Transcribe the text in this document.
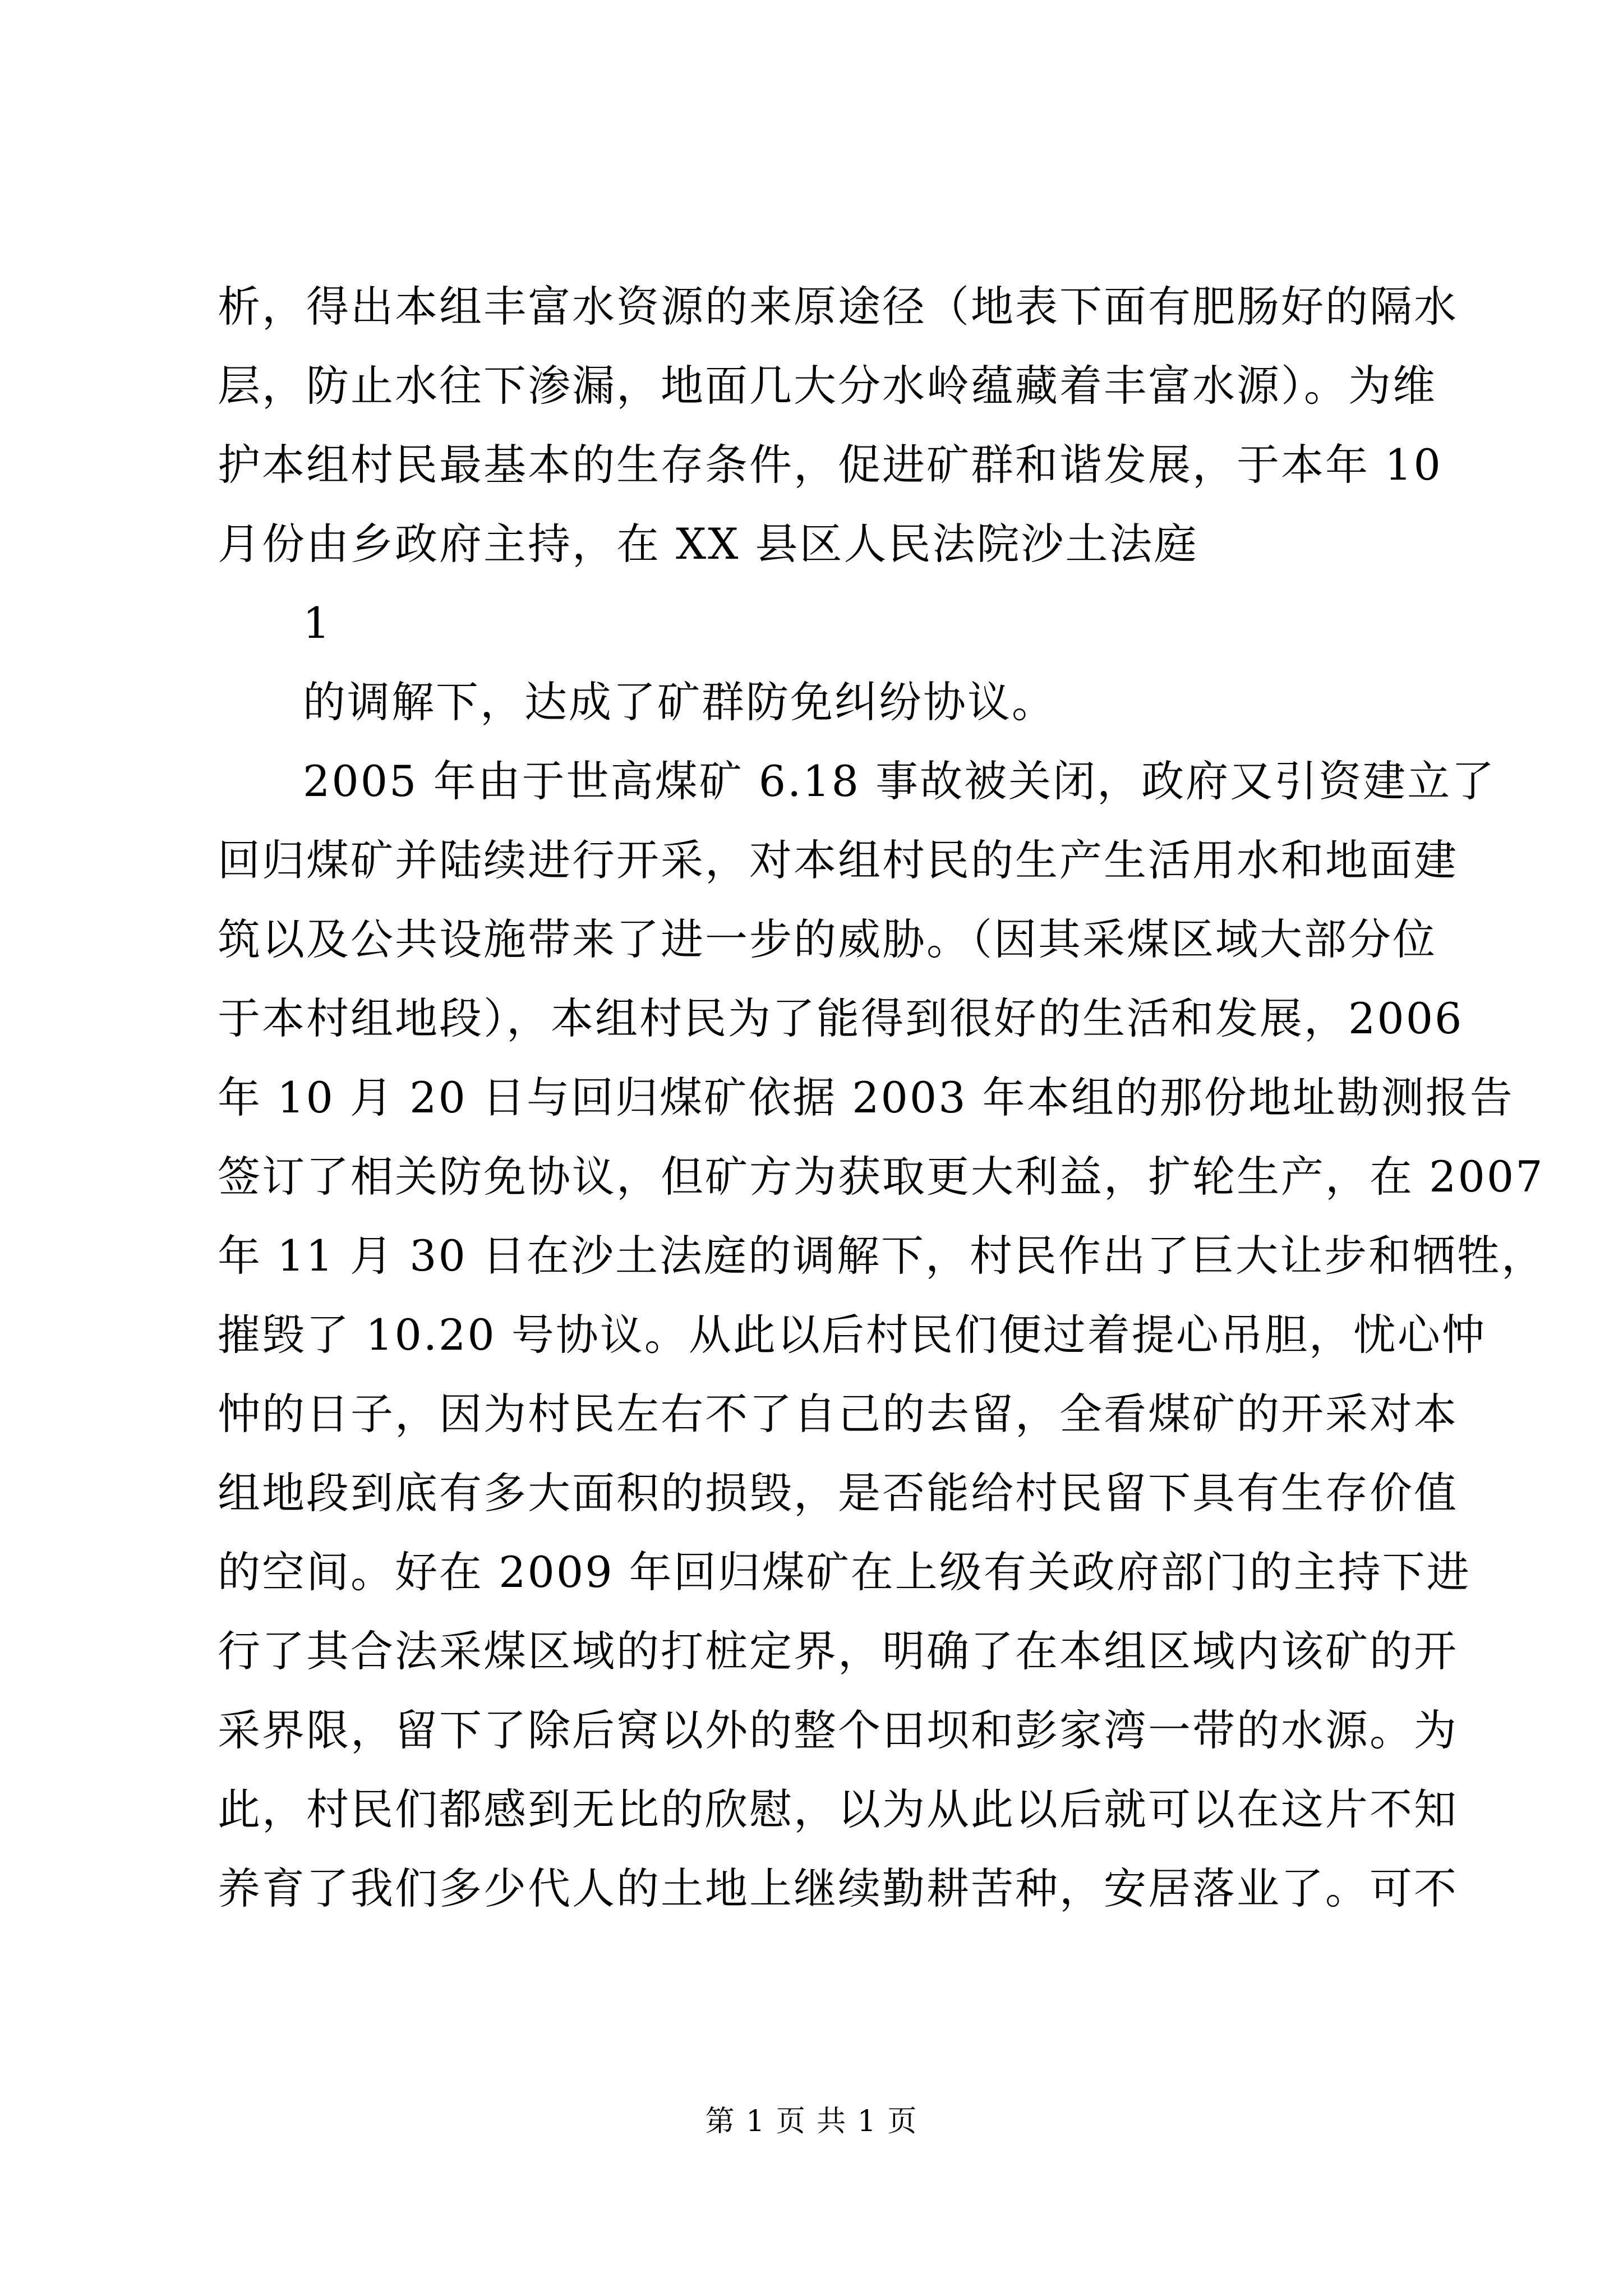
析，得出本组丰富水资源的来原途径（地表下面有肥肠好的隔水
层，防止水往下渗漏，地面几大分水岭蕴藏着丰富水源）。为维
护本组村民最基本的生存条件，促进矿群和谐发展，于本年 10
月份由乡政府主持，在 XX 县区人民法院沙土法庭
1
的调解下，达成了矿群防免纠纷协议。
2005 年由于世高煤矿 6.18 事故被关闭，政府又引资建立了
回归煤矿并陆续进行开采，对本组村民的生产生活用水和地面建
筑以及公共设施带来了进一步的威胁。（因其采煤区域大部分位
于本村组地段），本组村民为了能得到很好的生活和发展，2006
年 10 月 20 日与回归煤矿依据 2003 年本组的那份地址勘测报告
签订了相关防免协议，但矿方为获取更大利益，扩轮生产，在 2007
年 11 月 30 日在沙土法庭的调解下，村民作出了巨大让步和牺牲，
摧毁了 10.20 号协议。从此以后村民们便过着提心吊胆，忧心忡
忡的日子，因为村民左右不了自己的去留，全看煤矿的开采对本
组地段到底有多大面积的损毁，是否能给村民留下具有生存价值
的空间。好在 2009 年回归煤矿在上级有关政府部门的主持下进
行了其合法采煤区域的打桩定界，明确了在本组区域内该矿的开
采界限，留下了除后窝以外的整个田坝和彭家湾一带的水源。为
此，村民们都感到无比的欣慰，以为从此以后就可以在这片不知
养育了我们多少代人的土地上继续勤耕苦种，安居落业了。可不
第 1 页 共 1 页
